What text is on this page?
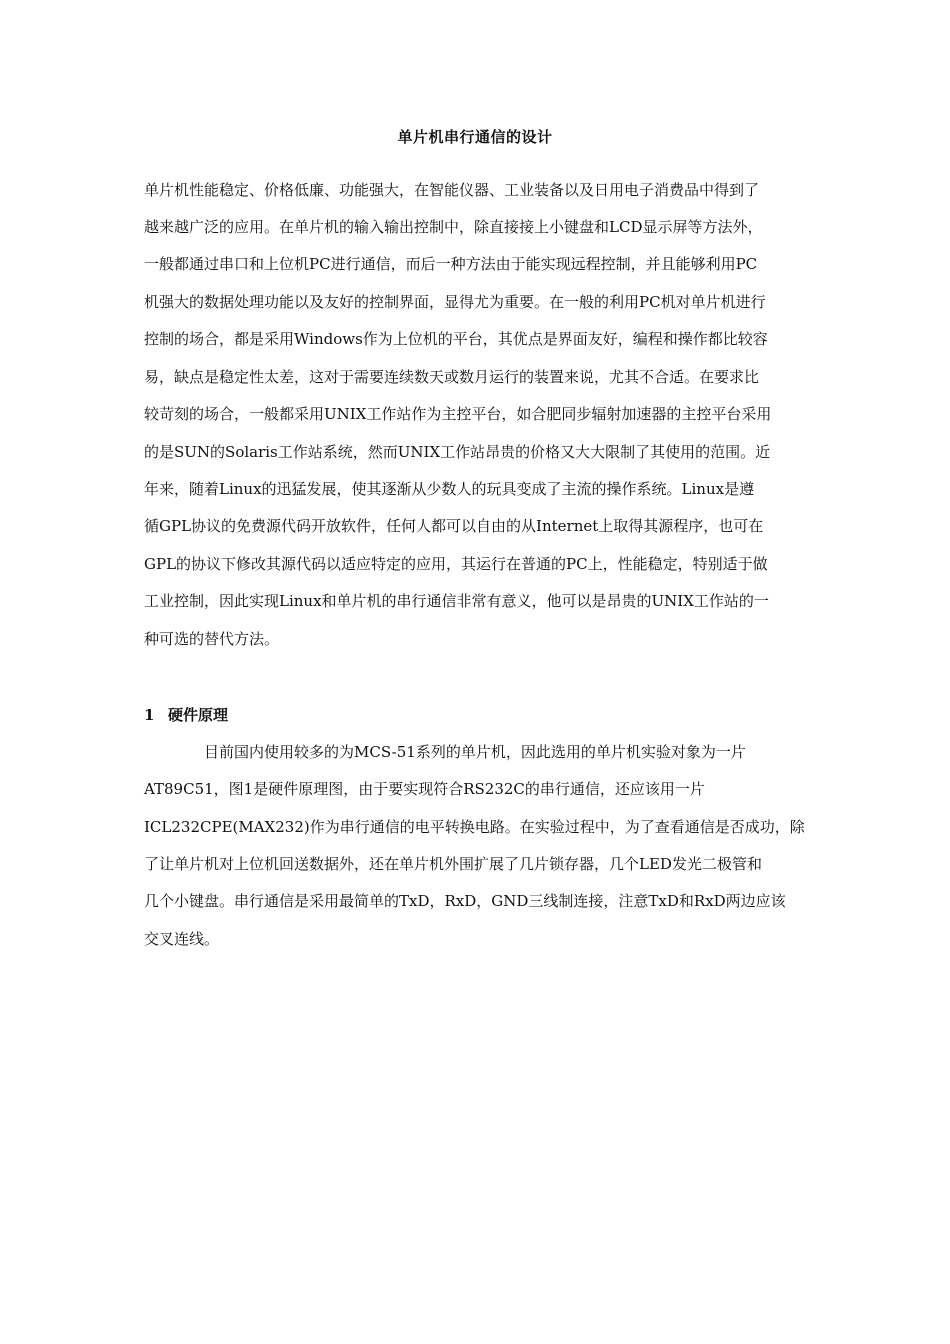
单片机串行通信的设计
单片机性能稳定、价格低廉、功能强大，在智能仪器、工业装备以及日用电子消费品中得到了
越来越广泛的应用。在单片机的输入输出控制中，除直接接上小键盘和LCD显示屏等方法外，
一般都通过串口和上位机PC进行通信，而后一种方法由于能实现远程控制，并且能够利用PC
机强大的数据处理功能以及友好的控制界面，显得尤为重要。在一般的利用PC机对单片机进行
控制的场合，都是采用Windows作为上位机的平台，其优点是界面友好，编程和操作都比较容
易，缺点是稳定性太差，这对于需要连续数天或数月运行的装置来说，尤其不合适。在要求比
较苛刻的场合，一般都采用UNIX工作站作为主控平台，如合肥同步辐射加速器的主控平台采用
的是SUN的Solaris工作站系统，然而UNIX工作站昂贵的价格又大大限制了其使用的范围。近
年来，随着Linux的迅猛发展，使其逐渐从少数人的玩具变成了主流的操作系统。Linux是遵
循GPL协议的免费源代码开放软件，任何人都可以自由的从Internet上取得其源程序，也可在
GPL的协议下修改其源代码以适应特定的应用，其运行在普通的PC上，性能稳定，特别适于做
工业控制，因此实现Linux和单片机的串行通信非常有意义，他可以是昂贵的UNIX工作站的一
种可选的替代方法。
1 硬件原理
目前国内使用较多的为MCS-51系列的单片机，因此选用的单片机实验对象为一片
AT89C51，图1是硬件原理图，由于要实现符合RS232C的串行通信，还应该用一片
ICL232CPE(MAX232)作为串行通信的电平转换电路。在实验过程中，为了查看通信是否成功，除
了让单片机对上位机回送数据外，还在单片机外围扩展了几片锁存器，几个LED发光二极管和
几个小键盘。串行通信是采用最简单的TxD，RxD，GND三线制连接，注意TxD和RxD两边应该
交叉连线。
